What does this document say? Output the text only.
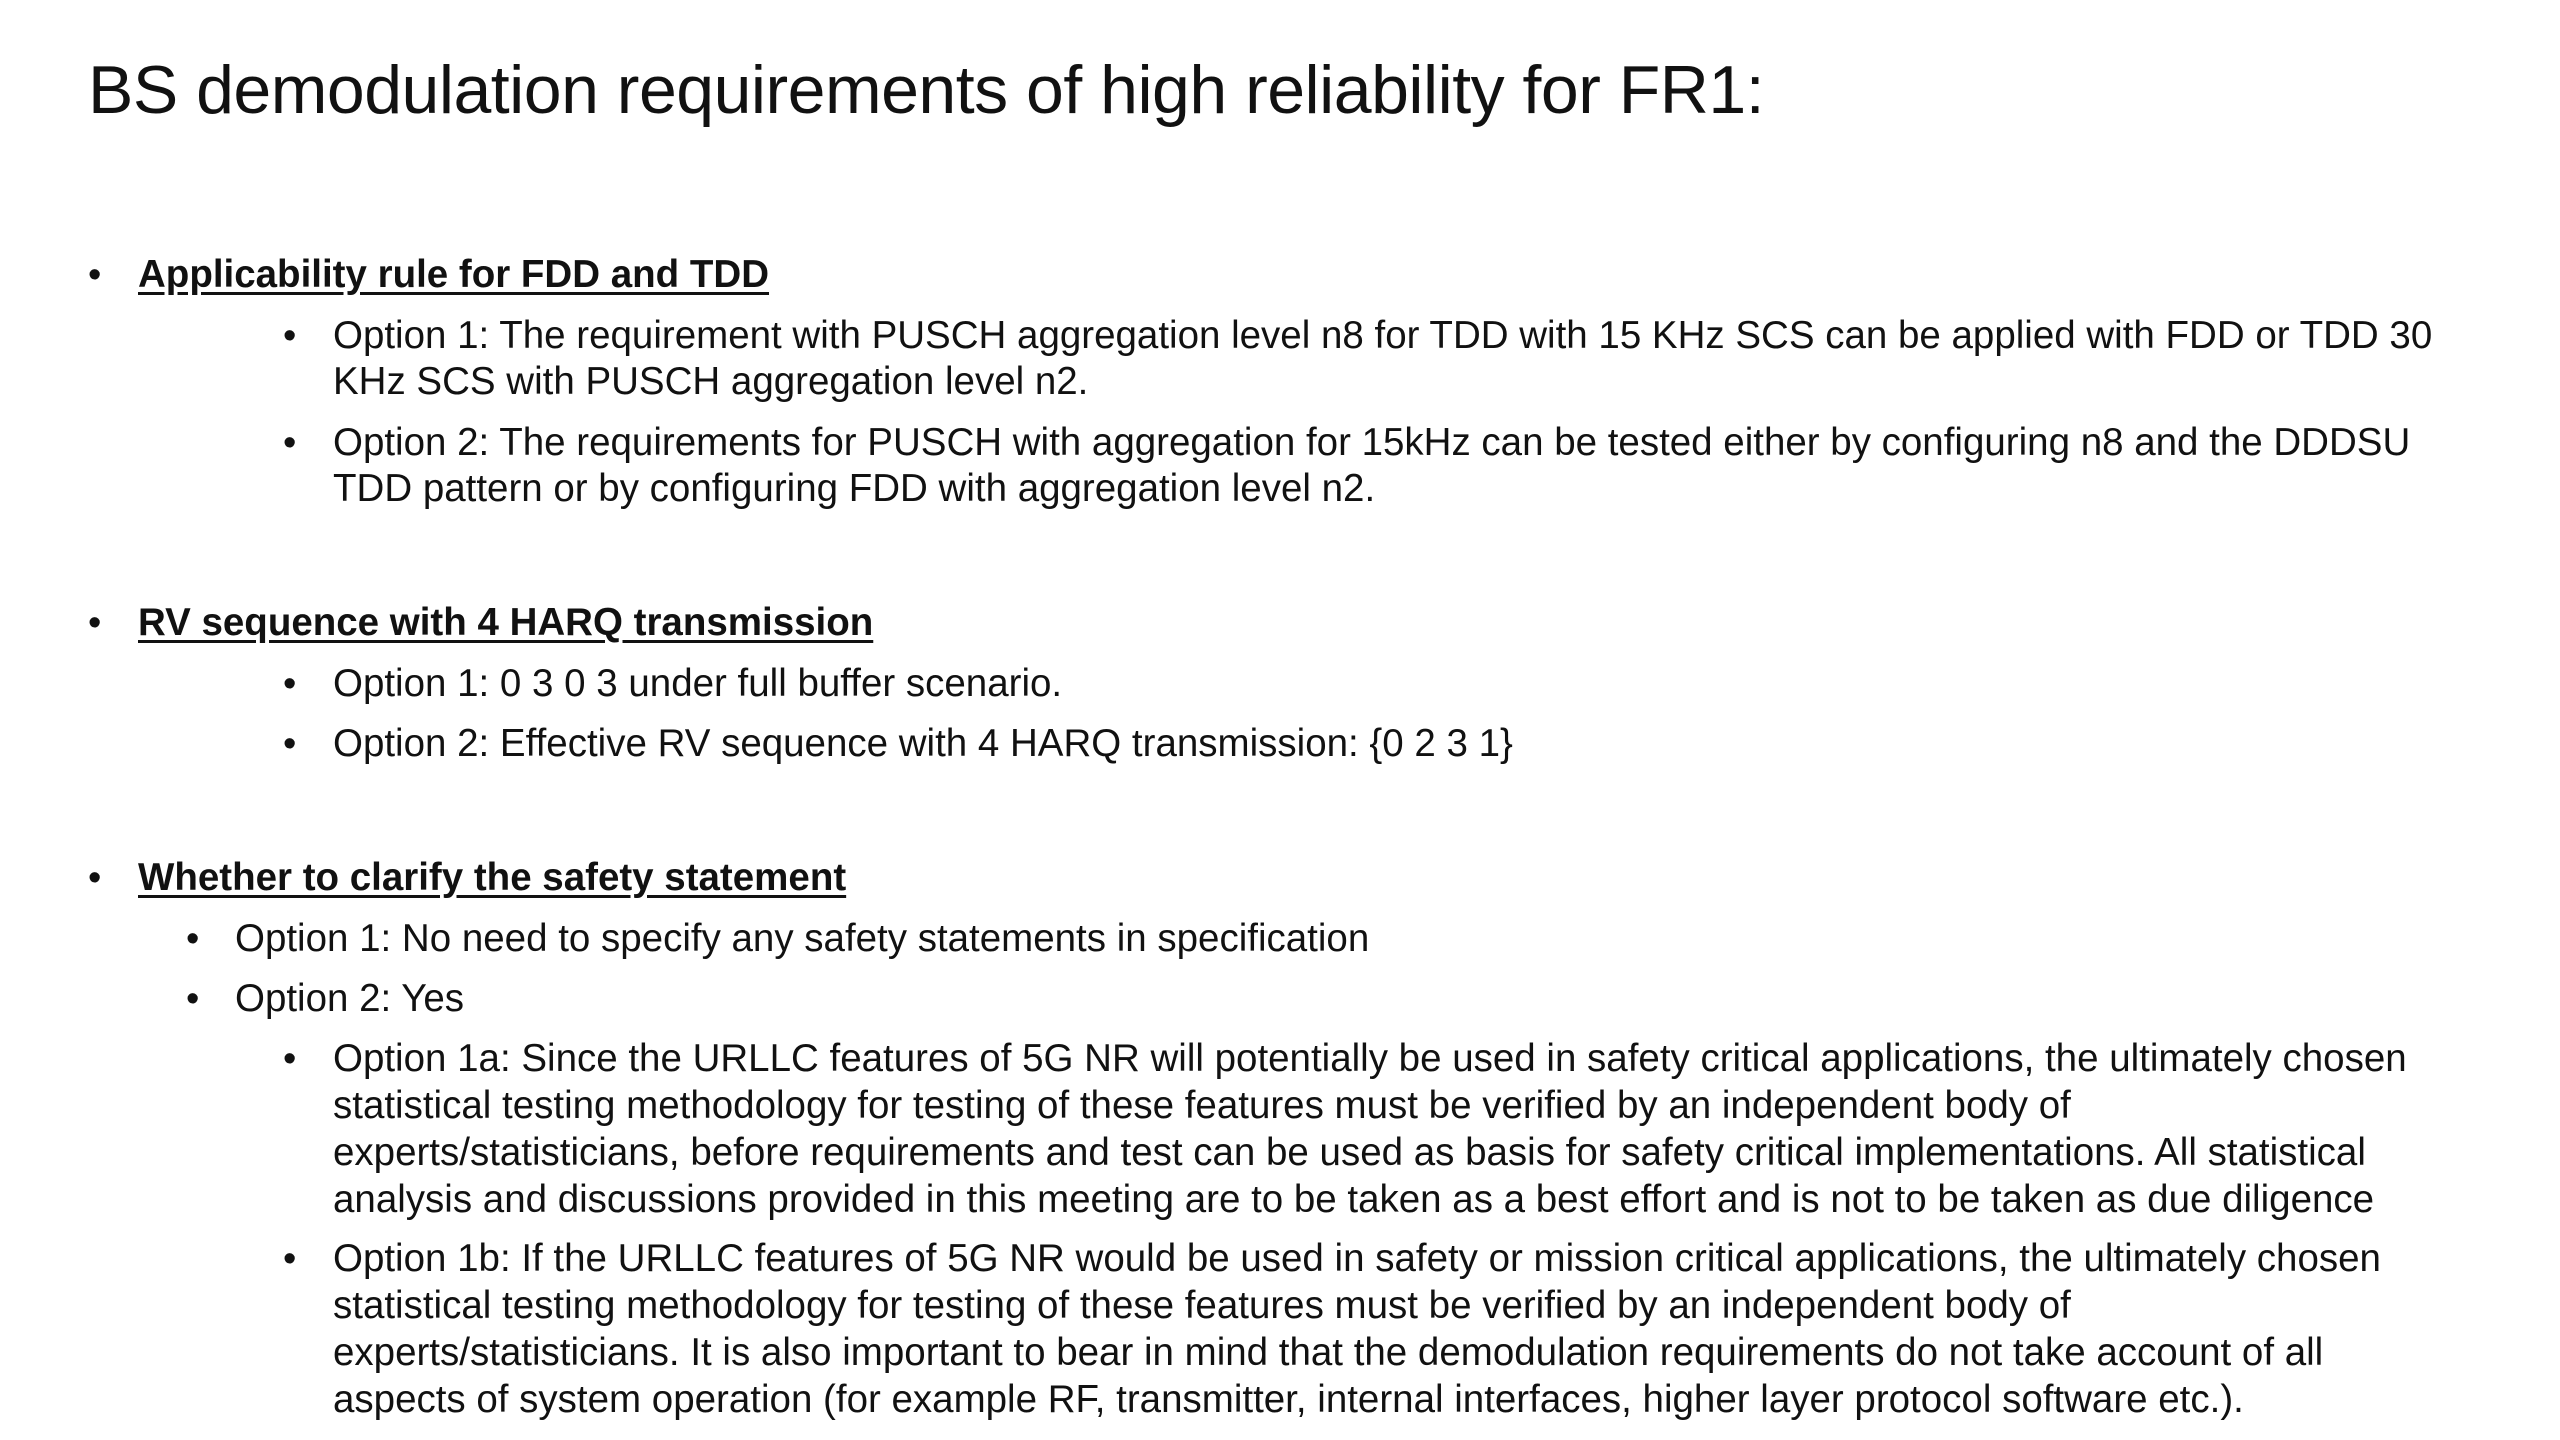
BS demodulation requirements of high reliability for FR1:
• Applicability rule for FDD and TDD
• Option 1: The requirement with PUSCH aggregation level n8 for TDD with 15 KHz SCS can be applied with FDD or TDD 30
KHz SCS with PUSCH aggregation level n2.
• Option 2: The requirements for PUSCH with aggregation for 15kHz can be tested either by configuring n8 and the DDDSU
TDD pattern or by configuring FDD with aggregation level n2.
• RV sequence with 4 HARQ transmission
• Option 1: 0 3 0 3 under full buffer scenario.
• Option 2: Effective RV sequence with 4 HARQ transmission: {0 2 3 1}
• Whether to clarify the safety statement
• Option 1: No need to specify any safety statements in specification
• Option 2: Yes
• Option 1a: Since the URLLC features of 5G NR will potentially be used in safety critical applications, the ultimately chosen
statistical testing methodology for testing of these features must be verified by an independent body of
experts/statisticians, before requirements and test can be used as basis for safety critical implementations. All statistical
analysis and discussions provided in this meeting are to be taken as a best effort and is not to be taken as due diligence
• Option 1b: If the URLLC features of 5G NR would be used in safety or mission critical applications, the ultimately chosen
statistical testing methodology for testing of these features must be verified by an independent body of
experts/statisticians. It is also important to bear in mind that the demodulation requirements do not take account of all
aspects of system operation (for example RF, transmitter, internal interfaces, higher layer protocol software etc.).
